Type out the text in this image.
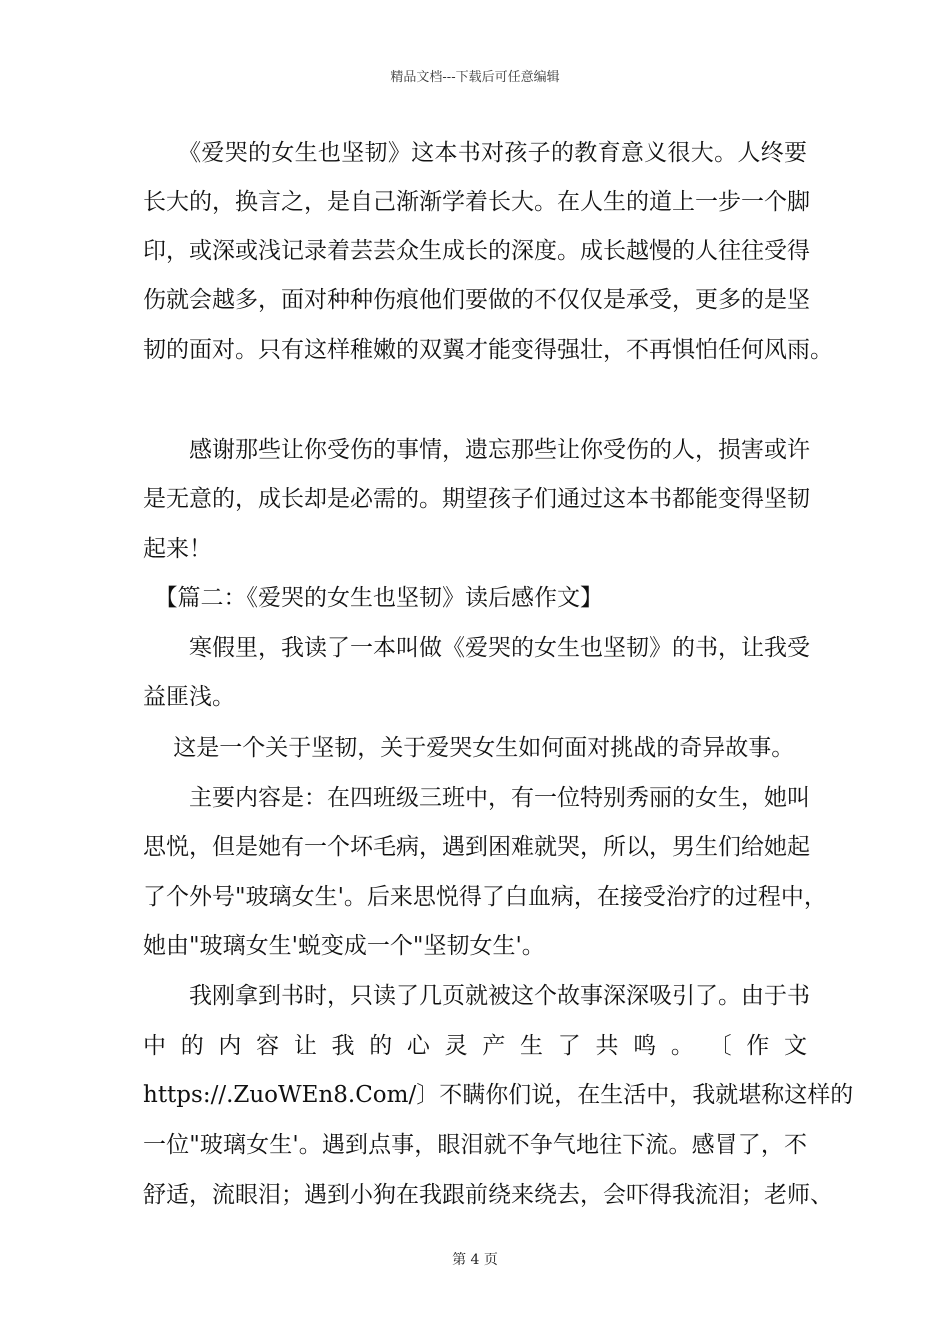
精品文档---下载后可任意编辑
　　《爱哭的女生也坚韧》这本书对孩子的教育意义很大。人终要
长大的，换言之，是自己渐渐学着长大。在人生的道上一步一个脚
印，或深或浅记录着芸芸众生成长的深度。成长越慢的人往往受得
伤就会越多，面对种种伤痕他们要做的不仅仅是承受，更多的是坚
韧的面对。只有这样稚嫩的双翼才能变得强壮，不再惧怕任何风雨。
　　感谢那些让你受伤的事情，遗忘那些让你受伤的人，损害或许
是无意的，成长却是必需的。期望孩子们通过这本书都能变得坚韧
起来！
　【篇二：《爱哭的女生也坚韧》读后感作文】
　　寒假里，我读了一本叫做《爱哭的女生也坚韧》的书，让我受
益匪浅。
　 这是一个关于坚韧，关于爱哭女生如何面对挑战的奇异故事。
　　主要内容是：在四班级三班中，有一位特别秀丽的女生，她叫
思悦，但是她有一个坏毛病，遇到困难就哭，所以，男生们给她起
了个外号"玻璃女生'。后来思悦得了白血病，在接受治疗的过程中，
她由"玻璃女生'蜕变成一个"坚韧女生'。
　　我刚拿到书时，只读了几页就被这个故事深深吸引了。由于书
中 的 内 容 让 我 的 心 灵 产 生 了 共 鸣 。 〔 作 文
https://.ZuoWEn8.Com/〕不瞒你们说，在生活中，我就堪称这样的
一位"玻璃女生'。遇到点事，眼泪就不争气地往下流。感冒了，不
舒适，流眼泪；遇到小狗在我跟前绕来绕去，会吓得我流泪；老师、
第 4 页
